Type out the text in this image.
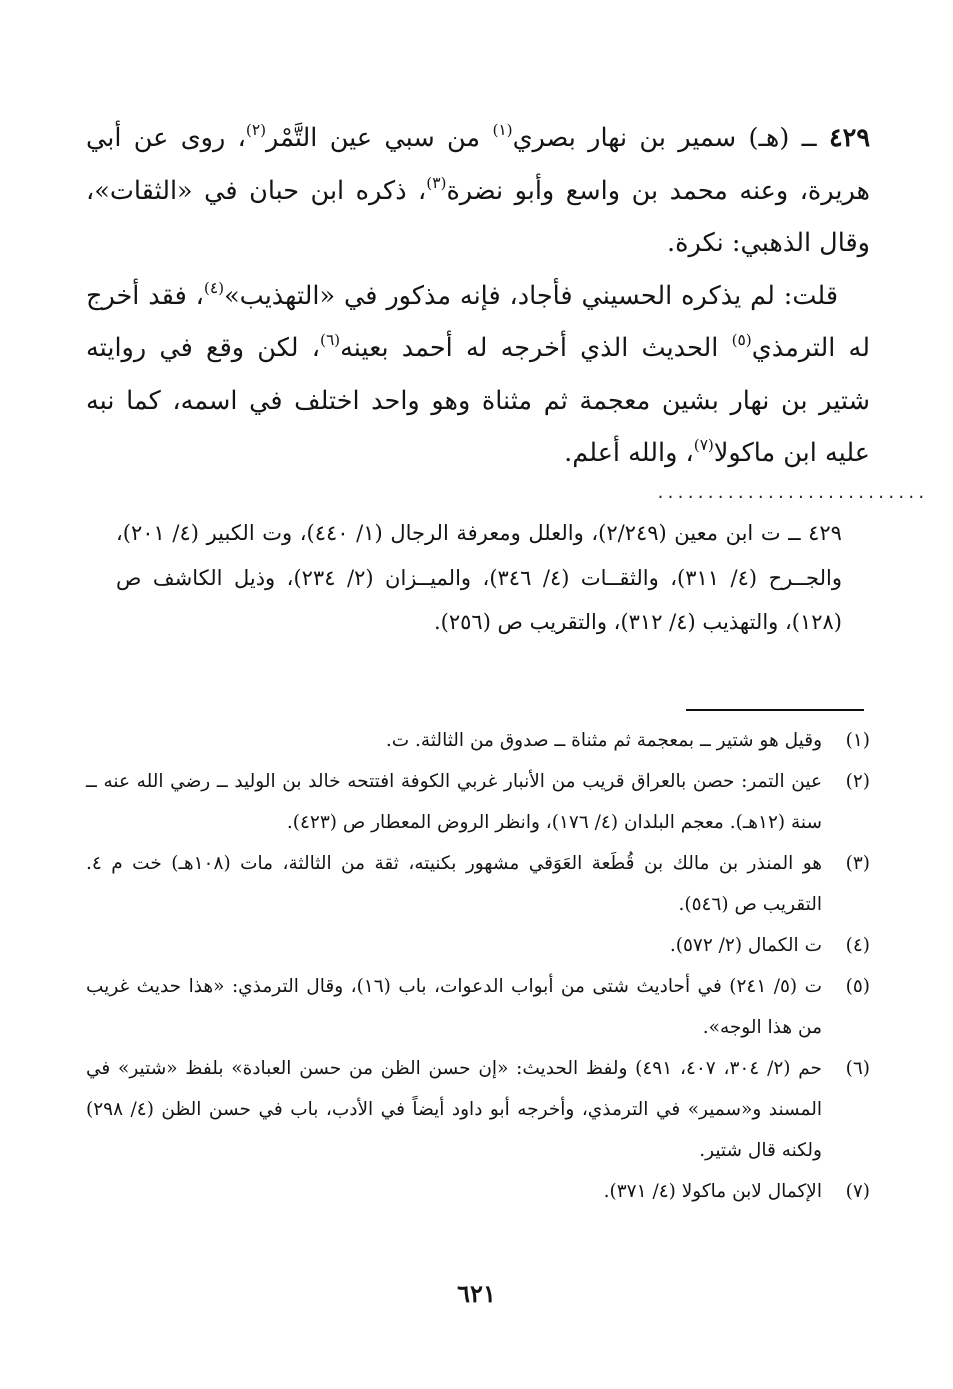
٤٢٩ ــ (هـ) سمير بن نهار بصري$^{(١)}$ من سبي عين التَّمْر$^{(٢)}$، روى عن أبي هريرة، وعنه محمد بن واسع وأبو نضرة$^{(٣)}$، ذكره ابن حبان في «الثقات»، وقال الذهبي: نكرة.

قلت: لم يذكره الحسيني فأجاد، فإنه مذكور في «التهذيب»$^{(٤)}$، فقد أخرج له الترمذي$^{(٥)}$ الحديث الذي أخرجه له أحمد بعينه$^{(٦)}$، لكن وقع في روايته شتير بن نهار بشين معجمة ثم مثناة وهو واحد اختلف في اسمه، كما نبه عليه ابن ماكولا$^{(٧)}$، والله أعلم.

...........................

٤٢٩ ــ ت ابن معين (٢/٢٤٩)، والعلل ومعرفة الرجال (١/ ٤٤٠)، وت الكبير (٤/ ٢٠١)، والجــرح (٤/ ٣١١)، والثقــات (٤/ ٣٤٦)، والميــزان (٢/ ٢٣٤)، وذيل الكاشف ص (١٢٨)، والتهذيب (٤/ ٣١٢)، والتقريب ص (٢٥٦).

(١)
وقيل هو شتير ــ بمعجمة ثم مثناة ــ صدوق من الثالثة. ت.
(٢)
عين التمر: حصن بالعراق قريب من الأنبار غربي الكوفة افتتحه خالد بن الوليد ــ رضي الله عنه ــ سنة (١٢هـ). معجم البلدان (٤/ ١٧٦)، وانظر الروض المعطار ص (٤٢٣).
(٣)
هو المنذر بن مالك بن قُطَعة العَوَقي مشهور بكنيته، ثقة من الثالثة، مات (١٠٨هـ) خت م ٤. التقريب ص (٥٤٦).
(٤)
ت الكمال (٢/ ٥٧٢).
(٥)
ت (٥/ ٢٤١) في أحاديث شتى من أبواب الدعوات، باب (١٦)، وقال الترمذي: «هذا حديث غريب من هذا الوجه».
(٦)
حم (٢/ ٣٠٤، ٤٠٧، ٤٩١) ولفظ الحديث: «إن حسن الظن من حسن العبادة» بلفظ «شتير» في المسند و«سمير» في الترمذي، وأخرجه أبو داود أيضاً في الأدب، باب في حسن الظن (٤/ ٢٩٨) ولكنه قال شتير.
(٧)
الإكمال لابن ماكولا (٤/ ٣٧١).
٦٢١
